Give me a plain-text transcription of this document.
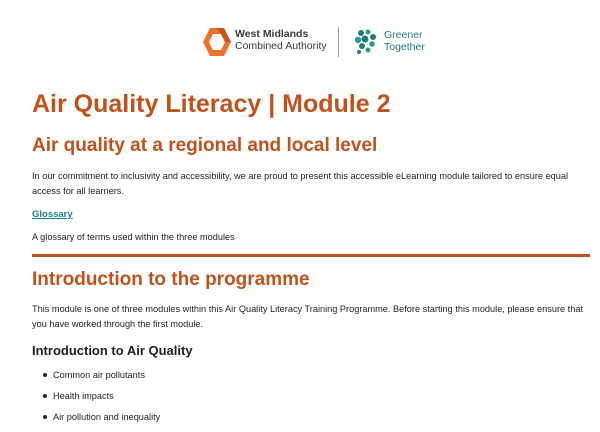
West Midlands
Combined Authority
Greener
Together
Air Quality Literacy | Module 2
Air quality at a regional and local level

In our commitment to inclusivity and accessibility, we are proud to present this accessible eLearning module tailored to ensure equal access for all learners.

Glossary

A glossary of terms used within the three modules

Introduction to the programme

This module is one of three modules within this Air Quality Literacy Training Programme. Before starting this module, please ensure that you have worked through the first module.

Introduction to Air Quality
Common air pollutants
Health impacts
Air pollution and inequality
